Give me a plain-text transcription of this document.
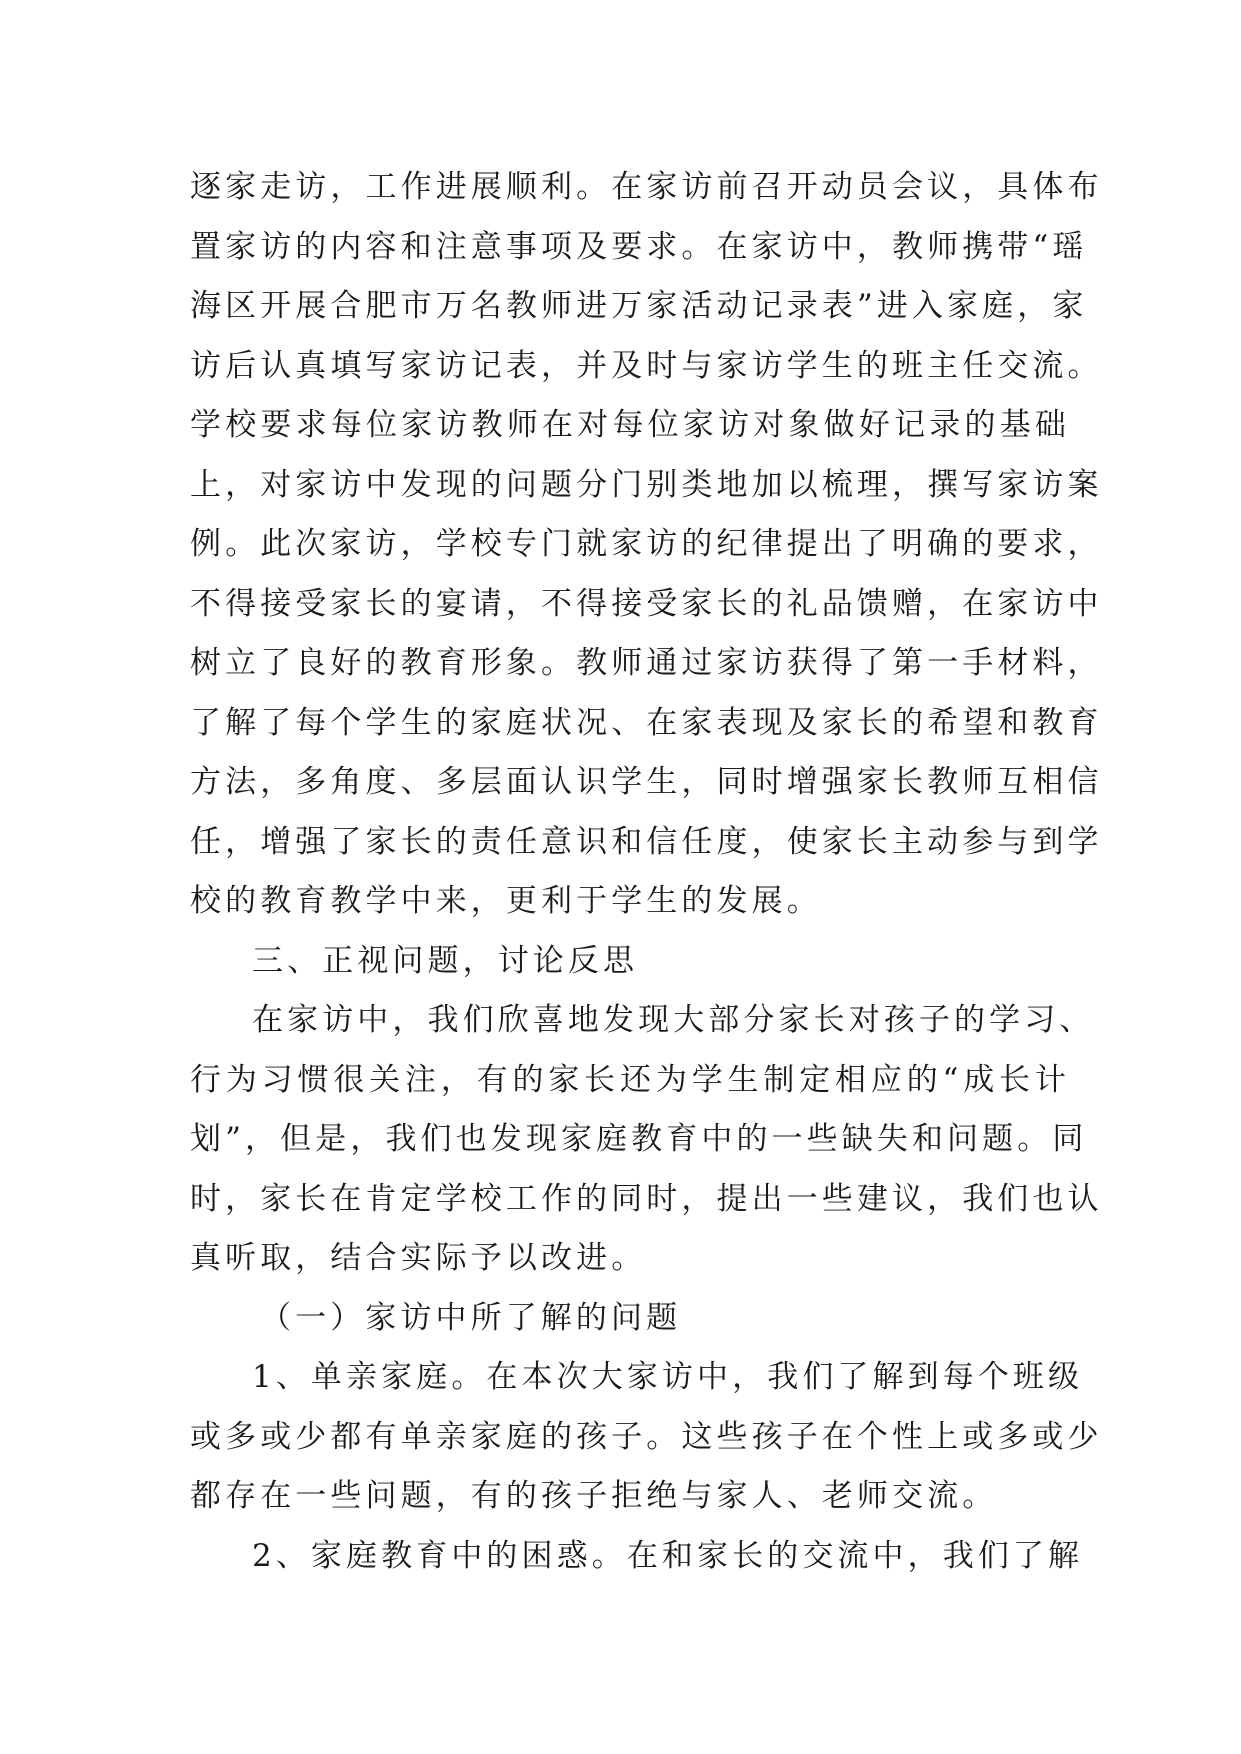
逐家走访，工作进展顺利。在家访前召开动员会议，具体布
置家访的内容和注意事项及要求。在家访中，教师携带“瑶
海区开展合肥市万名教师进万家活动记录表”进入家庭，家
访后认真填写家访记表，并及时与家访学生的班主任交流。
学校要求每位家访教师在对每位家访对象做好记录的基础
上，对家访中发现的问题分门别类地加以梳理，撰写家访案
例。此次家访，学校专门就家访的纪律提出了明确的要求，
不得接受家长的宴请，不得接受家长的礼品馈赠，在家访中
树立了良好的教育形象。教师通过家访获得了第一手材料，
了解了每个学生的家庭状况、在家表现及家长的希望和教育
方法，多角度、多层面认识学生，同时增强家长教师互相信
任，增强了家长的责任意识和信任度，使家长主动参与到学
校的教育教学中来，更利于学生的发展。
三、正视问题，讨论反思
在家访中，我们欣喜地发现大部分家长对孩子的学习、
行为习惯很关注，有的家长还为学生制定相应的“成长计
划”，但是，我们也发现家庭教育中的一些缺失和问题。同
时，家长在肯定学校工作的同时，提出一些建议，我们也认
真听取，结合实际予以改进。
（一）家访中所了解的问题
1、单亲家庭。在本次大家访中，我们了解到每个班级
或多或少都有单亲家庭的孩子。这些孩子在个性上或多或少
都存在一些问题，有的孩子拒绝与家人、老师交流。
2、家庭教育中的困惑。在和家长的交流中，我们了解
